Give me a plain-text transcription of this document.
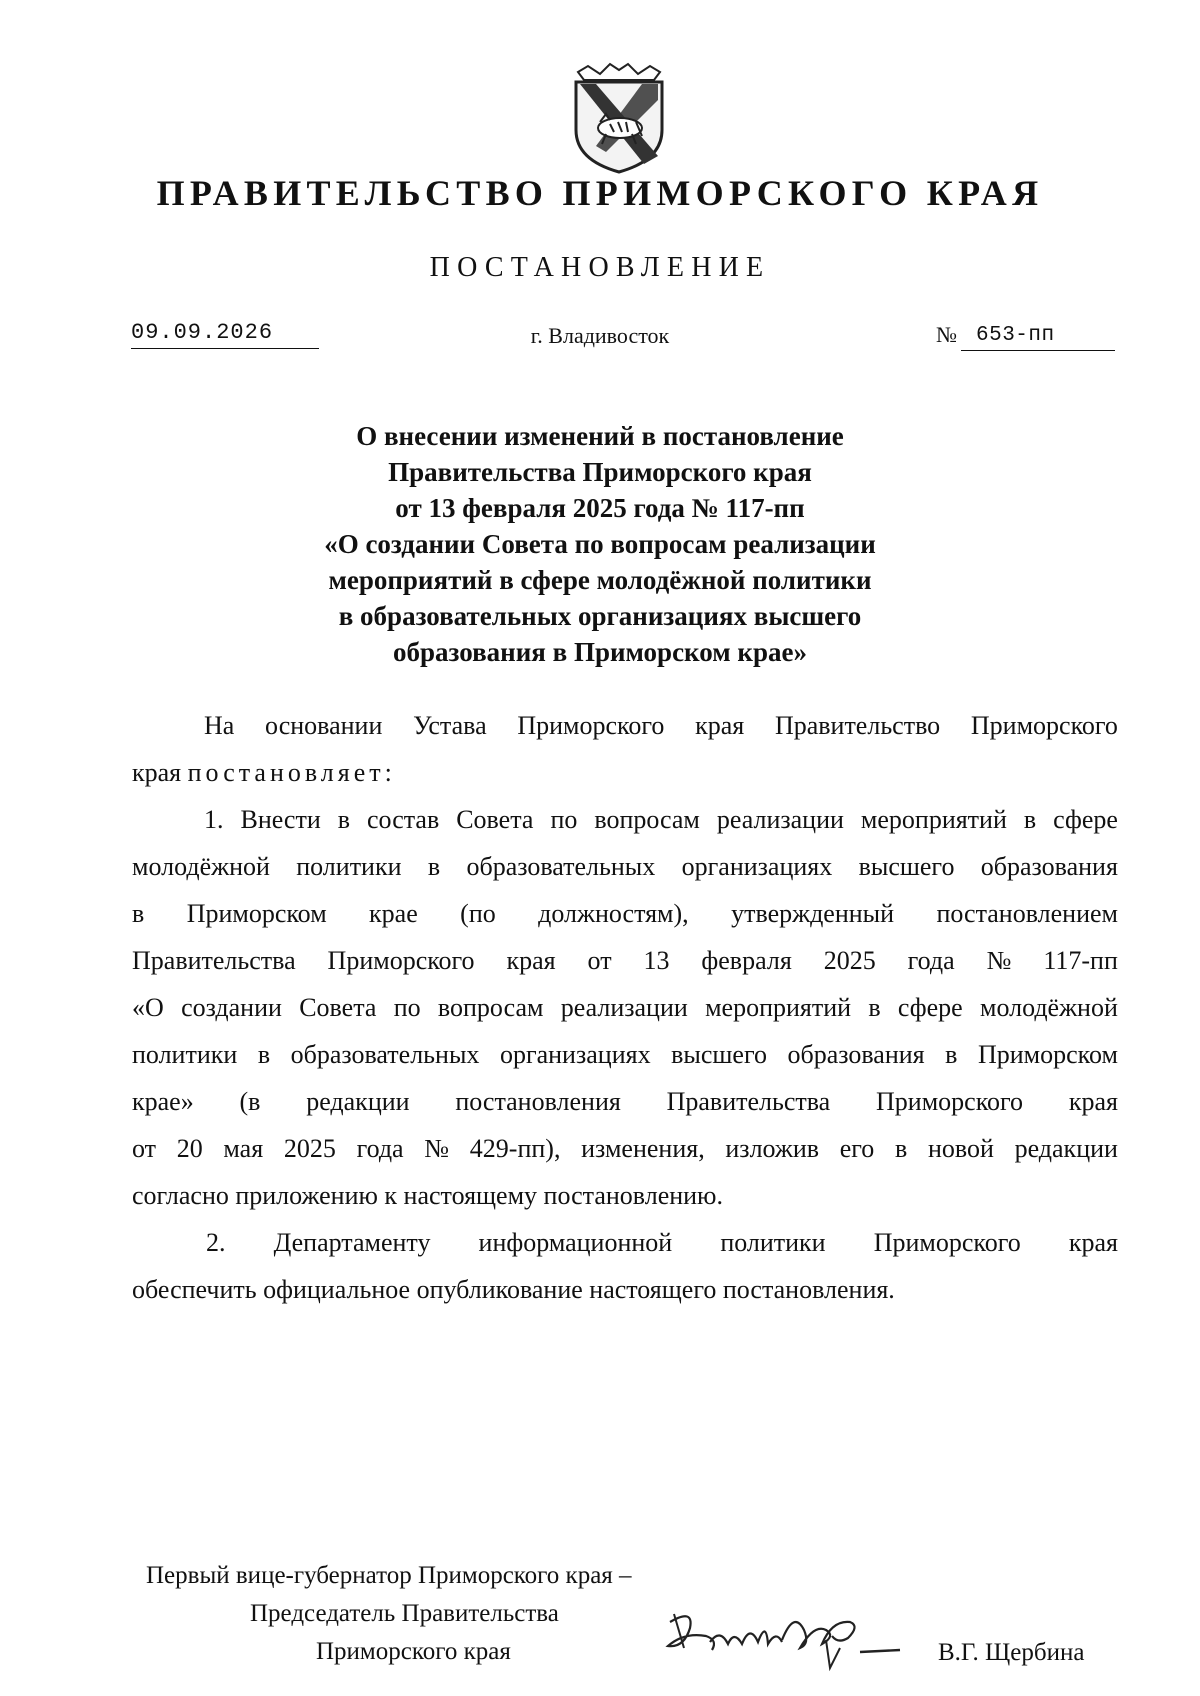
ПРАВИТЕЛЬСТВО ПРИМОРСКОГО КРАЯ
ПОСТАНОВЛЕНИЕ
09.09.2026	г. Владивосток	№ 653-пп
О внесении изменений в постановление
Правительства Приморского края
от 13 февраля 2025 года № 117-пп
«О создании Совета по вопросам реализации
мероприятий в сфере молодёжной политики
в образовательных организациях высшего
образования в Приморском крае»
На основании Устава Приморского края Правительство Приморского
края
постановляет:
1. Внести в состав Совета по вопросам реализации мероприятий в сфере
молодёжной политики в образовательных организациях высшего образования
в Приморском крае (по должностям), утвержденный постановлением
Правительства Приморского края от 13 февраля 2025 года № 117-пп
«О создании Совета по вопросам реализации мероприятий в сфере молодёжной
политики в образовательных организациях высшего образования в Приморском
крае» (в редакции постановления Правительства Приморского края
от 20 мая 2025 года № 429-пп), изменения, изложив его в новой редакции
согласно приложению к настоящему постановлению.
2. Департаменту информационной политики Приморского края
обеспечить официальное опубликование настоящего постановления.
Первый вице-губернатор Приморского края –
Председатель Правительства
Приморского края	В.Г. Щербина
